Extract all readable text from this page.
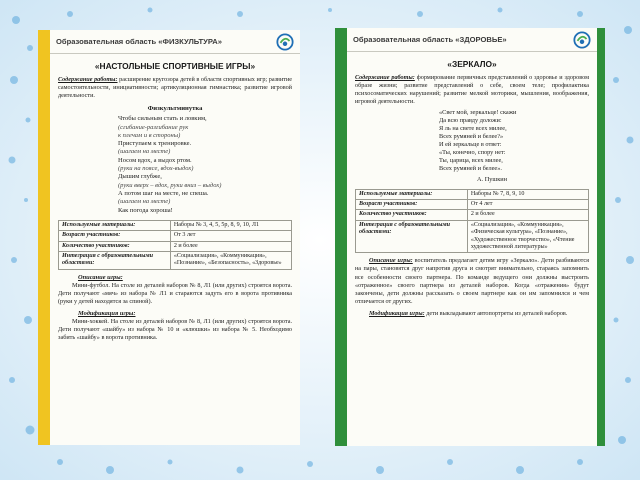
Образовательная область «ФИЗКУЛЬТУРА»
«НАСТОЛЬНЫЕ СПОРТИВНЫЕ ИГРЫ»
Содержание работы: расширение кругозора детей в области спортивных игр; развитие самостоятельности, инициативности; артикуляционная гимнастика; развитие игровой деятельности.
Физкультминутка
Чтобы сильным стать и ловким,
(сгибание-разгибание рук
к плечам и в стороны)
Приступаем к тренировке.
(шагаем на месте)
Носом вдох, а выдох ртом.
(руки на поясе, вдох-выдох)
Дышим глубже,
(руки вверх – вдох, руки вниз – выдох)
А потом шаг на месте, не спеша.
(шагаем на месте)
Как погода хороша!
Используемые материалы:	Наборы № 3, 4, 5, 5р, 8, 9, 10, Л1
Возраст участников:	От 3 лет
Количество участников:	2 и более
Интеграция с образовательными областями:	«Социализация», «Коммуникация», «Познание», «Безопасность», «Здоровье»
Описание игры:
Мини-футбол. На столе из деталей наборов № 8, Л1 (или других) строятся ворота. Дети получают «мяч» из набора № Л1 и стараются задуть его в ворота противника (руки у детей находятся за спиной).
Модификация игры:
Мини-хоккей. На столе из деталей наборов № 8, Л1 (или других) строятся ворота. Дети получают «шайбу» из набора № 10 и «клюшки» из набора № 5. Необходимо забить «шайбу» в ворота противника.
Образовательная область «ЗДОРОВЬЕ»
«ЗЕРКАЛО»
Содержание работы: формирование первичных представлений о здоровье и здоровом образе жизни; развитие представлений о себе, своем теле; профилактика психосоматических нарушений; развитие мелкой моторики, мышления, воображения, игровой деятельности.
«Свет мой, зеркальце! скажи
Да всю правду доложи:
Я ль на свете всех милее,
Всех румяней и белее?»
И ей зеркальце в ответ:
«Ты, конечно, спору нет:
Ты, царица, всех милее,
Всех румяней и белее».
А. Пушкин
Используемые материалы:	Наборы № 7, 8, 9, 10
Возраст участников:	От 4 лет
Количество участников:	2 и более
Интеграция с образовательными областями:	«Социализация», «Коммуникация», «Физическая культура», «Познание», «Художественное творчество», «Чтение художественной литературы»
Описание игры: воспитатель предлагает детям игру «Зеркало». Дети разбиваются на пары, становятся друг напротив друга и смотрят внимательно, стараясь запомнить все особенности своего партнера. По команде ведущего они должны выстроить «отраженное» своего партнера из деталей наборов. Когда «отражения» будут закончены, дети должны рассказать о своем партнере как он им запомнился и чем отличается от других.
Модификация игры: дети выкладывают автопортреты из деталей наборов.
